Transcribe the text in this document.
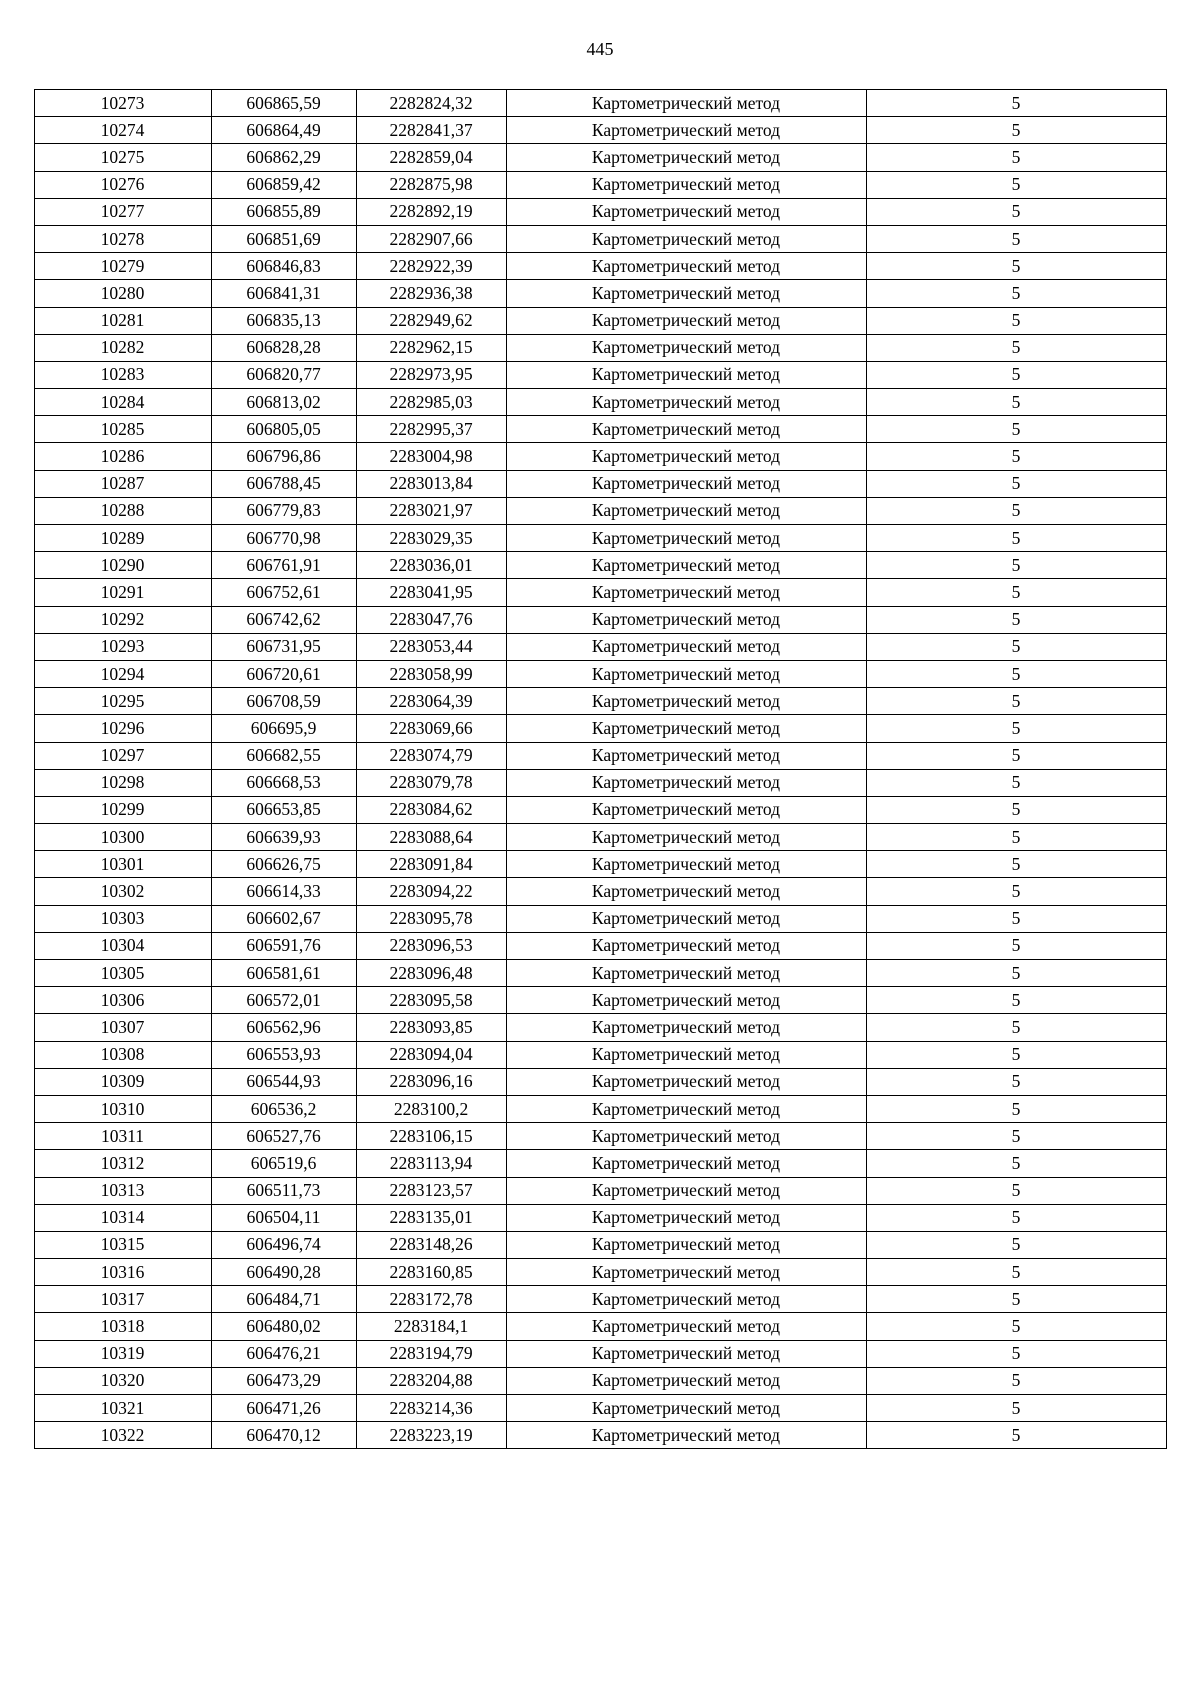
445
10273	606865,59	2282824,32	Картометрический метод	5
10274	606864,49	2282841,37	Картометрический метод	5
10275	606862,29	2282859,04	Картометрический метод	5
10276	606859,42	2282875,98	Картометрический метод	5
10277	606855,89	2282892,19	Картометрический метод	5
10278	606851,69	2282907,66	Картометрический метод	5
10279	606846,83	2282922,39	Картометрический метод	5
10280	606841,31	2282936,38	Картометрический метод	5
10281	606835,13	2282949,62	Картометрический метод	5
10282	606828,28	2282962,15	Картометрический метод	5
10283	606820,77	2282973,95	Картометрический метод	5
10284	606813,02	2282985,03	Картометрический метод	5
10285	606805,05	2282995,37	Картометрический метод	5
10286	606796,86	2283004,98	Картометрический метод	5
10287	606788,45	2283013,84	Картометрический метод	5
10288	606779,83	2283021,97	Картометрический метод	5
10289	606770,98	2283029,35	Картометрический метод	5
10290	606761,91	2283036,01	Картометрический метод	5
10291	606752,61	2283041,95	Картометрический метод	5
10292	606742,62	2283047,76	Картометрический метод	5
10293	606731,95	2283053,44	Картометрический метод	5
10294	606720,61	2283058,99	Картометрический метод	5
10295	606708,59	2283064,39	Картометрический метод	5
10296	606695,9	2283069,66	Картометрический метод	5
10297	606682,55	2283074,79	Картометрический метод	5
10298	606668,53	2283079,78	Картометрический метод	5
10299	606653,85	2283084,62	Картометрический метод	5
10300	606639,93	2283088,64	Картометрический метод	5
10301	606626,75	2283091,84	Картометрический метод	5
10302	606614,33	2283094,22	Картометрический метод	5
10303	606602,67	2283095,78	Картометрический метод	5
10304	606591,76	2283096,53	Картометрический метод	5
10305	606581,61	2283096,48	Картометрический метод	5
10306	606572,01	2283095,58	Картометрический метод	5
10307	606562,96	2283093,85	Картометрический метод	5
10308	606553,93	2283094,04	Картометрический метод	5
10309	606544,93	2283096,16	Картометрический метод	5
10310	606536,2	2283100,2	Картометрический метод	5
10311	606527,76	2283106,15	Картометрический метод	5
10312	606519,6	2283113,94	Картометрический метод	5
10313	606511,73	2283123,57	Картометрический метод	5
10314	606504,11	2283135,01	Картометрический метод	5
10315	606496,74	2283148,26	Картометрический метод	5
10316	606490,28	2283160,85	Картометрический метод	5
10317	606484,71	2283172,78	Картометрический метод	5
10318	606480,02	2283184,1	Картометрический метод	5
10319	606476,21	2283194,79	Картометрический метод	5
10320	606473,29	2283204,88	Картометрический метод	5
10321	606471,26	2283214,36	Картометрический метод	5
10322	606470,12	2283223,19	Картометрический метод	5
